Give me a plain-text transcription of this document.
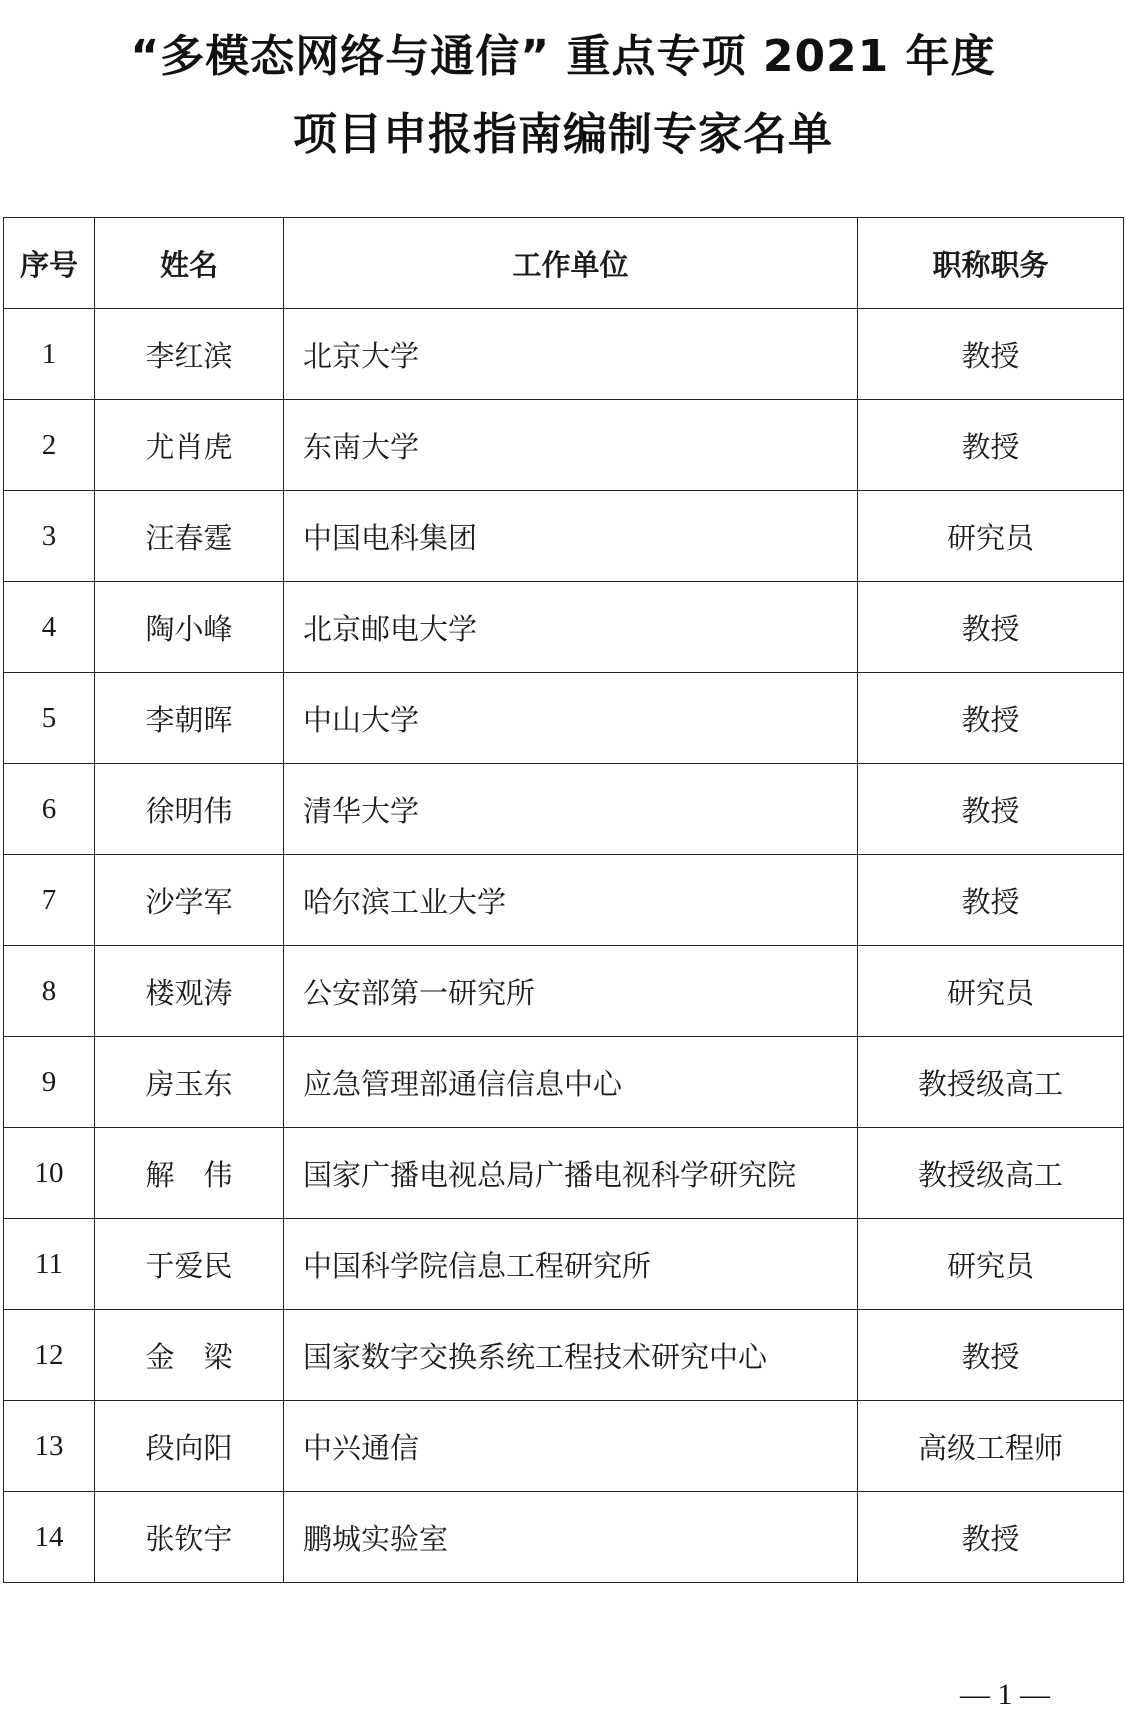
“多模态网络与通信” 重点专项 2021 年度
项目申报指南编制专家名单
序号	姓名	工作单位	职称职务
1	李红滨	北京大学	教授
2	尤肖虎	东南大学	教授
3	汪春霆	中国电科集团	研究员
4	陶小峰	北京邮电大学	教授
5	李朝晖	中山大学	教授
6	徐明伟	清华大学	教授
7	沙学军	哈尔滨工业大学	教授
8	楼观涛	公安部第一研究所	研究员
9	房玉东	应急管理部通信信息中心	教授级高工
10	解　伟	国家广播电视总局广播电视科学研究院	教授级高工
11	于爱民	中国科学院信息工程研究所	研究员
12	金　梁	国家数字交换系统工程技术研究中心	教授
13	段向阳	中兴通信	高级工程师
14	张钦宇	鹏城实验室	教授
— 1 —
